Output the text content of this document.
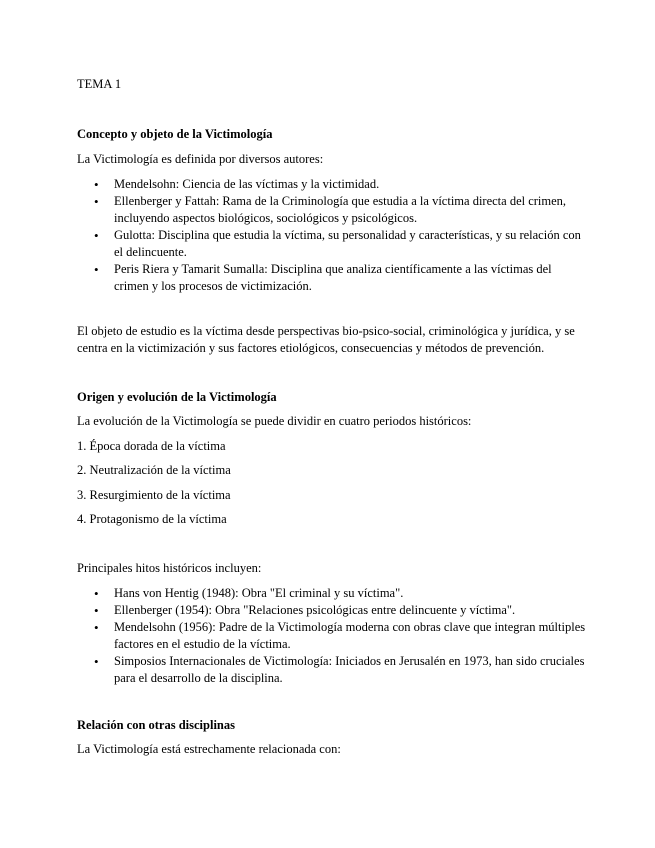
TEMA 1

Concepto y objeto de la Victimología

La Victimología es definida por diversos autores:

• Mendelsohn: Ciencia de las víctimas y la victimidad.
• Ellenberger y Fattah: Rama de la Criminología que estudia a la víctima directa del crimen, incluyendo aspectos biológicos, sociológicos y psicológicos.
• Gulotta: Disciplina que estudia la víctima, su personalidad y características, y su relación con el delincuente.
• Peris Riera y Tamarit Sumalla: Disciplina que analiza científicamente a las víctimas del crimen y los procesos de victimización.

El objeto de estudio es la víctima desde perspectivas bio-psico-social, criminológica y jurídica, y se centra en la victimización y sus factores etiológicos, consecuencias y métodos de prevención.

Origen y evolución de la Victimología

La evolución de la Victimología se puede dividir en cuatro periodos históricos:

1. Época dorada de la víctima

2. Neutralización de la víctima

3. Resurgimiento de la víctima

4. Protagonismo de la víctima

Principales hitos históricos incluyen:

• Hans von Hentig (1948): Obra "El criminal y su víctima".
• Ellenberger (1954): Obra "Relaciones psicológicas entre delincuente y víctima".
• Mendelsohn (1956): Padre de la Victimología moderna con obras clave que integran múltiples factores en el estudio de la víctima.
• Simposios Internacionales de Victimología: Iniciados en Jerusalén en 1973, han sido cruciales para el desarrollo de la disciplina.

Relación con otras disciplinas

La Victimología está estrechamente relacionada con:
